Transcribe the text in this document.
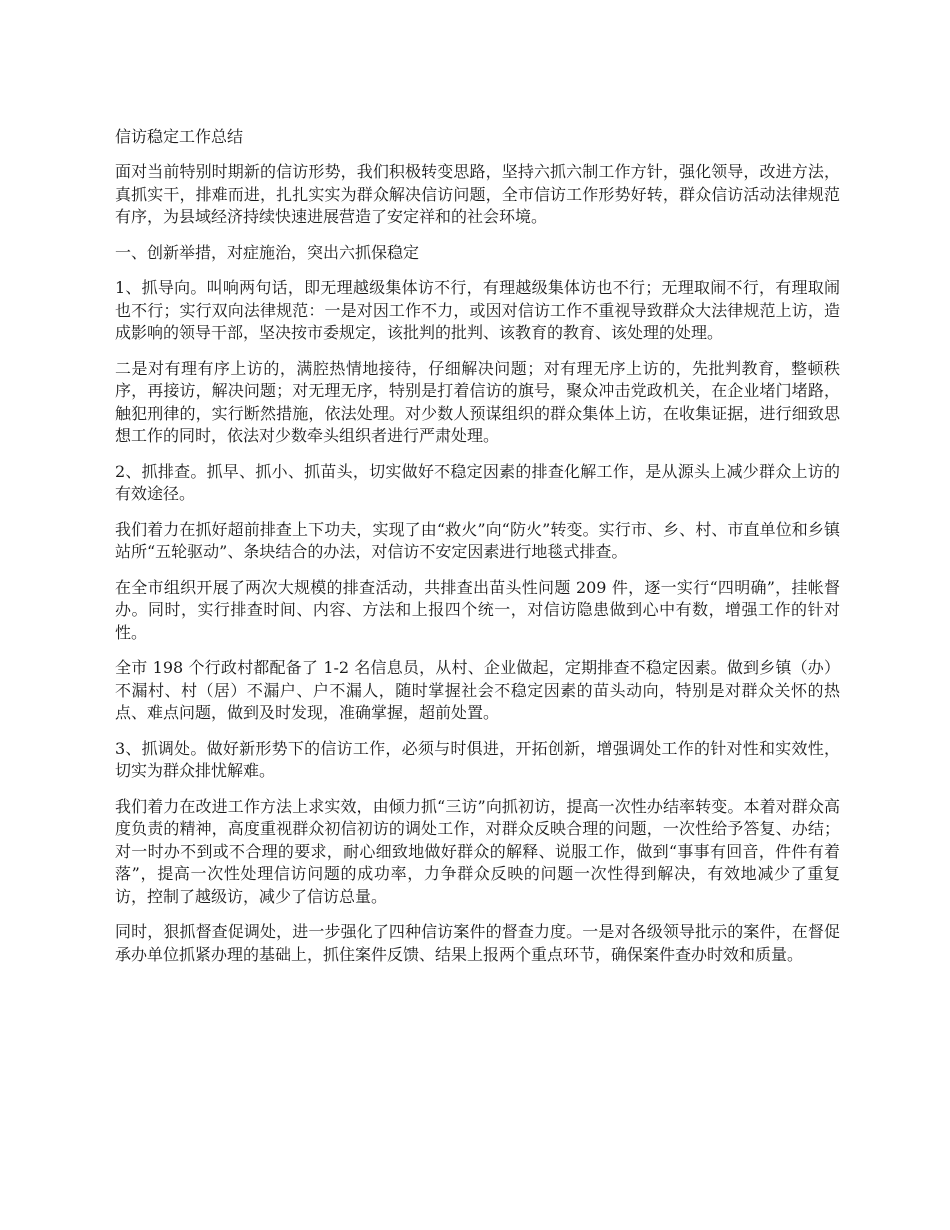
信访稳定工作总结

面对当前特别时期新的信访形势，我们积极转变思路，坚持六抓六制工作方针，强化领导，改进方法，真抓实干，排难而进，扎扎实实为群众解决信访问题，全市信访工作形势好转，群众信访活动法律规范有序，为县域经济持续快速进展营造了安定祥和的社会环境。

一、创新举措，对症施治，突出六抓保稳定

1、抓导向。叫响两句话，即无理越级集体访不行，有理越级集体访也不行；无理取闹不行，有理取闹也不行；实行双向法律规范：一是对因工作不力，或因对信访工作不重视导致群众大法律规范上访，造成影响的领导干部，坚决按市委规定，该批判的批判、该教育的教育、该处理的处理。

二是对有理有序上访的，满腔热情地接待，仔细解决问题；对有理无序上访的，先批判教育，整顿秩序，再接访，解决问题；对无理无序，特别是打着信访的旗号，聚众冲击党政机关，在企业堵门堵路，触犯刑律的，实行断然措施，依法处理。对少数人预谋组织的群众集体上访，在收集证据，进行细致思想工作的同时，依法对少数牵头组织者进行严肃处理。

2、抓排查。抓早、抓小、抓苗头，切实做好不稳定因素的排查化解工作，是从源头上减少群众上访的有效途径。

我们着力在抓好超前排查上下功夫，实现了由“救火”向“防火”转变。实行市、乡、村、市直单位和乡镇站所“五轮驱动”、条块结合的办法，对信访不安定因素进行地毯式排查。

在全市组织开展了两次大规模的排查活动，共排查出苗头性问题 209 件，逐一实行“四明确”，挂帐督办。同时，实行排查时间、内容、方法和上报四个统一，对信访隐患做到心中有数，增强工作的针对性。

全市 198 个行政村都配备了 1-2 名信息员，从村、企业做起，定期排查不稳定因素。做到乡镇（办）不漏村、村（居）不漏户、户不漏人，随时掌握社会不稳定因素的苗头动向，特别是对群众关怀的热点、难点问题，做到及时发现，准确掌握，超前处置。

3、抓调处。做好新形势下的信访工作，必须与时俱进，开拓创新，增强调处工作的针对性和实效性，切实为群众排忧解难。

我们着力在改进工作方法上求实效，由倾力抓“三访”向抓初访，提高一次性办结率转变。本着对群众高度负责的精神，高度重视群众初信初访的调处工作，对群众反映合理的问题，一次性给予答复、办结；对一时办不到或不合理的要求，耐心细致地做好群众的解释、说服工作，做到“事事有回音，件件有着落”，提高一次性处理信访问题的成功率，力争群众反映的问题一次性得到解决，有效地减少了重复访，控制了越级访，减少了信访总量。

同时，狠抓督查促调处，进一步强化了四种信访案件的督查力度。一是对各级领导批示的案件，在督促承办单位抓紧办理的基础上，抓住案件反馈、结果上报两个重点环节，确保案件查办时效和质量。
